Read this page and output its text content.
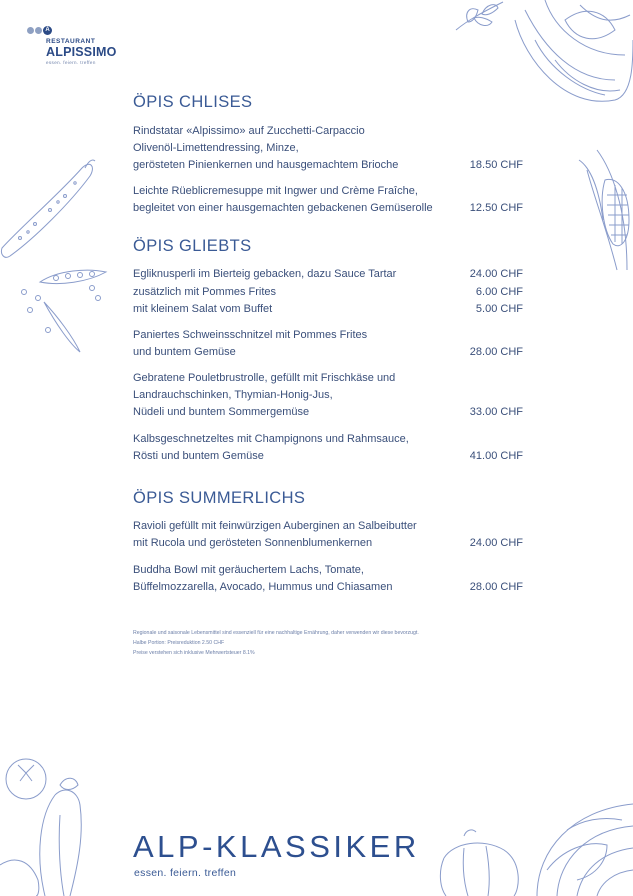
A
RESTAURANT
ALPISSIMO
essen. feiern. treffen
ÖPIS CHLISES
Rindstatar «Alpissimo» auf Zucchetti-Carpaccio
Olivenöl-Limettendressing, Minze,
gerösteten Pinienkernen und hausgemachtem Brioche	18.50 CHF
Leichte Rüeblicremesuppe mit Ingwer und Crème Fraîche,
begleitet von einer hausgemachten gebackenen Gemüserolle	12.50 CHF
ÖPIS GLIEBTS
Egliknusperli im Bierteig gebacken, dazu Sauce Tartar	24.00 CHF
zusätzlich mit Pommes Frites	6.00 CHF
mit kleinem Salat vom Buffet	5.00 CHF
Paniertes Schweinsschnitzel mit Pommes Frites
und buntem Gemüse	28.00 CHF
Gebratene Pouletbrustrolle, gefüllt mit Frischkäse und
Landrauchschinken, Thymian-Honig-Jus,
Nüdeli und buntem Sommergemüse	33.00 CHF
Kalbsgeschnetzeltes mit Champignons und Rahmsauce,
Rösti und buntem Gemüse	41.00 CHF
ÖPIS SUMMERLICHS
Ravioli gefüllt mit feinwürzigen Auberginen an Salbeibutter
mit Rucola und gerösteten Sonnenblumenkernen	24.00 CHF
Buddha Bowl mit geräuchertem Lachs, Tomate,
Büffelmozzarella, Avocado, Hummus und Chiasamen	28.00 CHF
Regionale und saisonale Lebensmittel sind essenziell für eine nachhaltige Ernährung, daher verwenden wir diese bevorzugt.
Halbe Portion: Preisreduktion 2.50 CHF
Preise verstehen sich inklusive Mehrwertsteuer 8.1%
ALP-KLASSIKER
essen. feiern. treffen
